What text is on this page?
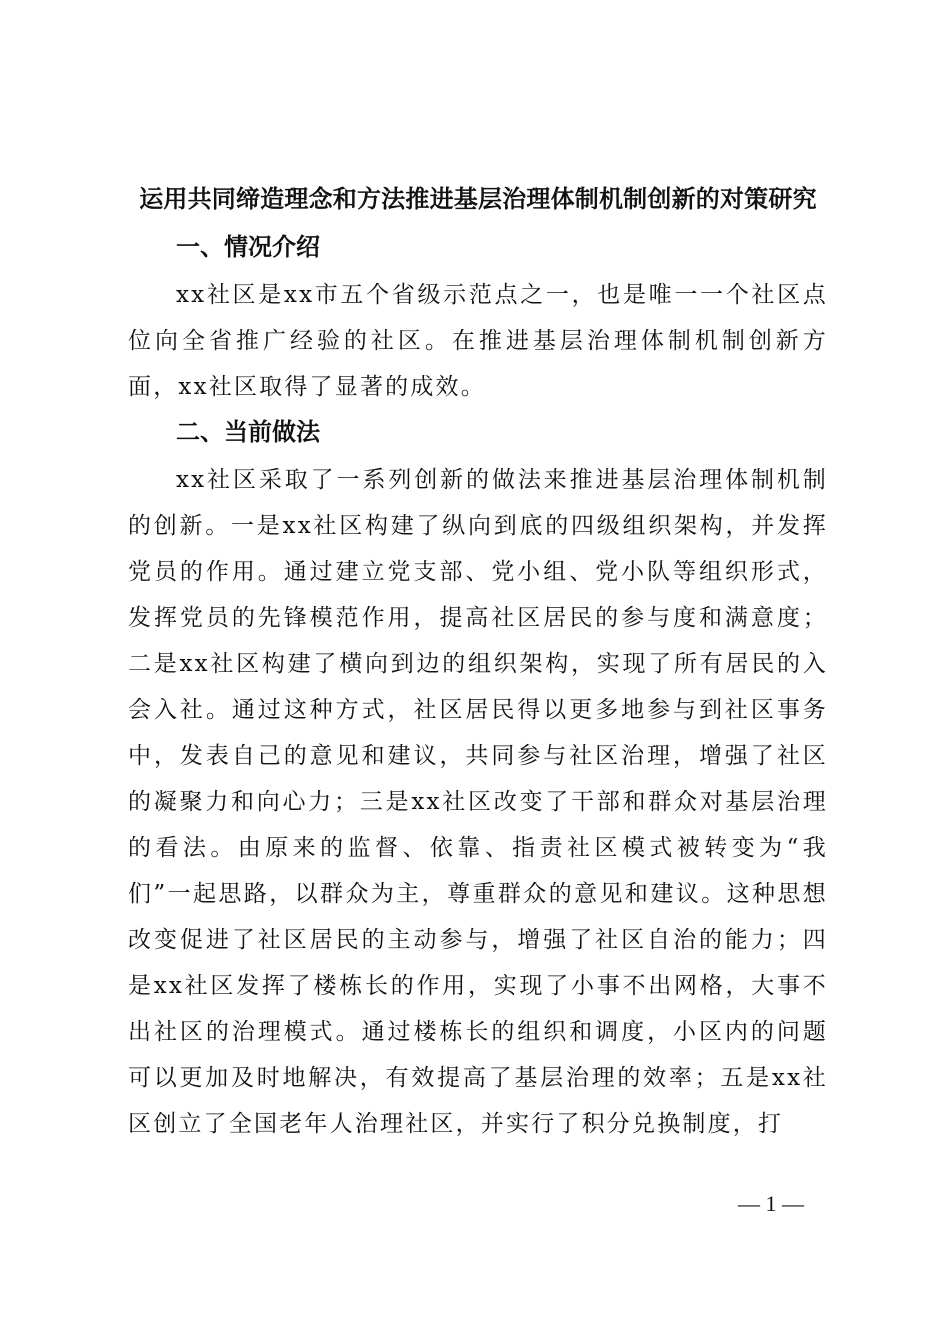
运用共同缔造理念和方法推进基层治理体制机制创新的对策研究
一、情况介绍

xx社区是xx市五个省级示范点之一，也是唯一一个社区点位向全省推广经验的社区。在推进基层治理体制机制创新方面，xx社区取得了显著的成效。

二、当前做法

xx社区采取了一系列创新的做法来推进基层治理体制机制的创新。一是xx社区构建了纵向到底的四级组织架构，并发挥党员的作用。通过建立党支部、党小组、党小队等组织形式，发挥党员的先锋模范作用，提高社区居民的参与度和满意度；二是xx社区构建了横向到边的组织架构，实现了所有居民的入会入社。通过这种方式，社区居民得以更多地参与到社区事务中，发表自己的意见和建议，共同参与社区治理，增强了社区的凝聚力和向心力；三是xx社区改变了干部和群众对基层治理的看法。由原来的监督、依靠、指责社区模式被转变为“我们”一起思路，以群众为主，尊重群众的意见和建议。这种思想改变促进了社区居民的主动参与，增强了社区自治的能力；四是xx社区发挥了楼栋长的作用，实现了小事不出网格，大事不出社区的治理模式。通过楼栋长的组织和调度，小区内的问题可以更加及时地解决，有效提高了基层治理的效率；五是xx社区创立了全国老年人治理社区，并实行了积分兑换制度，打

— 1 —
